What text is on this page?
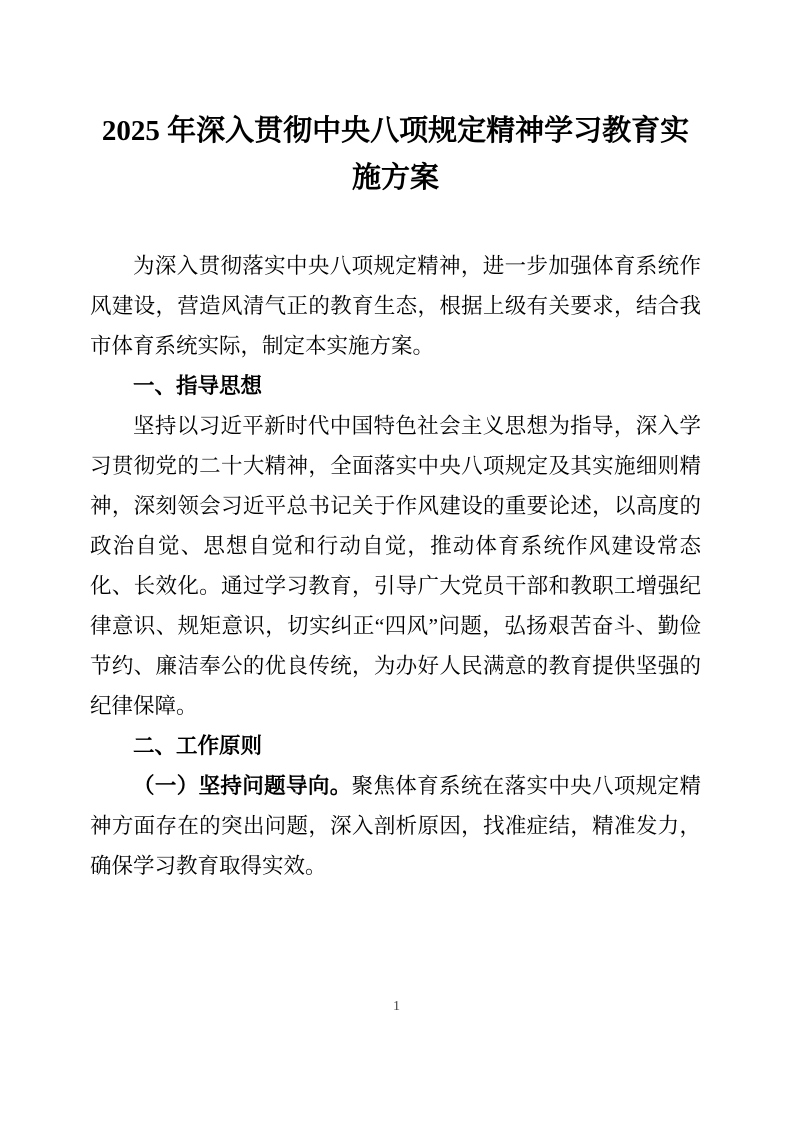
2025 年深入贯彻中央八项规定精神学习教育实
施方案

为深入贯彻落实中央八项规定精神，进一步加强体育系统作风建设，营造风清气正的教育生态，根据上级有关要求，结合我市体育系统实际，制定本实施方案。

一、指导思想

坚持以习近平新时代中国特色社会主义思想为指导，深入学习贯彻党的二十大精神，全面落实中央八项规定及其实施细则精神，深刻领会习近平总书记关于作风建设的重要论述，以高度的政治自觉、思想自觉和行动自觉，推动体育系统作风建设常态化、长效化。通过学习教育，引导广大党员干部和教职工增强纪律意识、规矩意识，切实纠正“四风”问题，弘扬艰苦奋斗、勤俭节约、廉洁奉公的优良传统，为办好人民满意的教育提供坚强的纪律保障。

二、工作原则

（一）坚持问题导向。聚焦体育系统在落实中央八项规定精神方面存在的突出问题，深入剖析原因，找准症结，精准发力，确保学习教育取得实效。

1
